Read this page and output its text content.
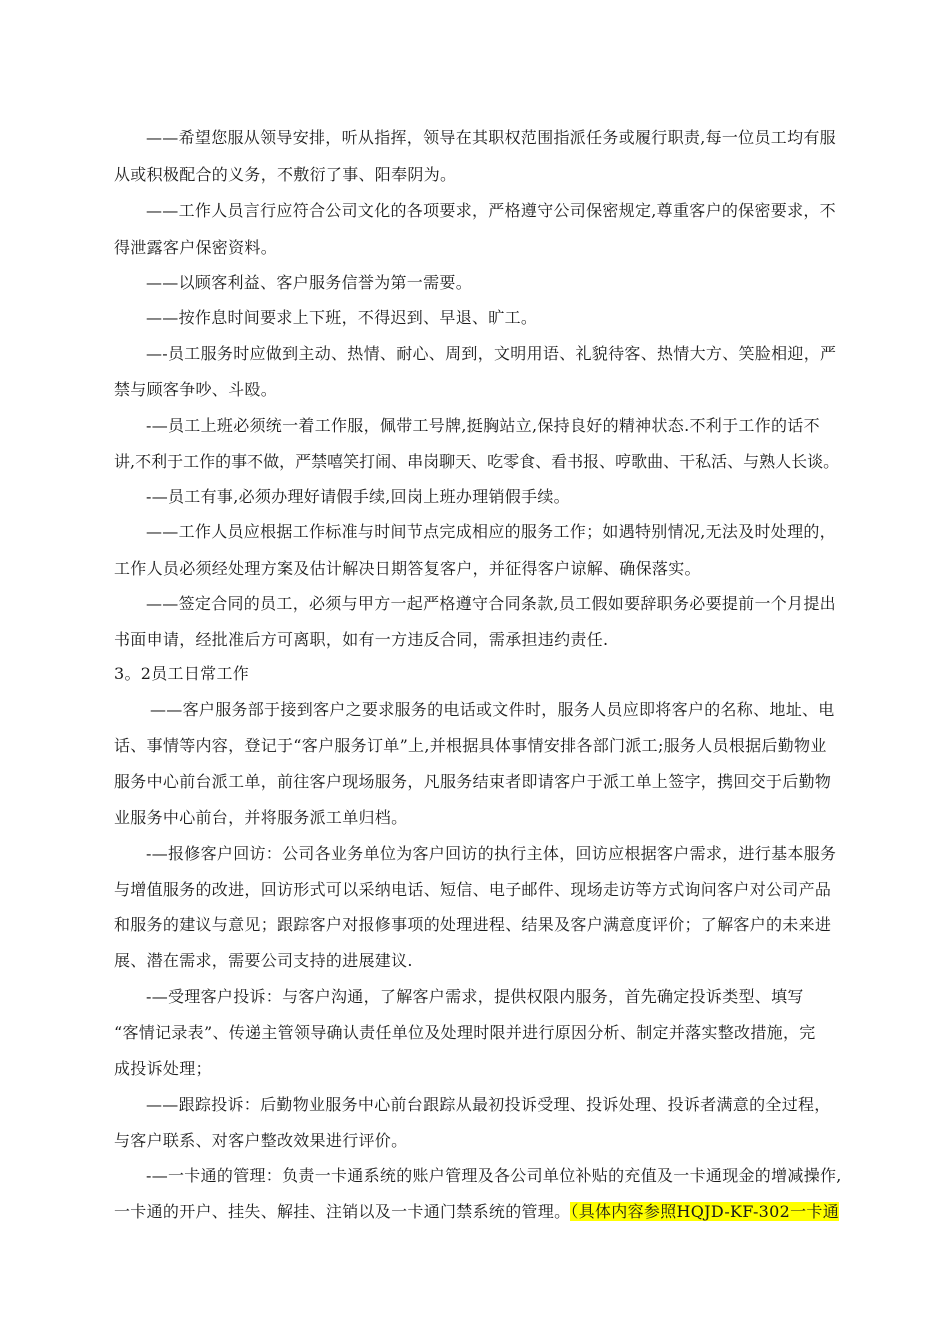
——希望您服从领导安排，听从指挥，领导在其职权范围指派任务或履行职责,每一位员工均有服
从或积极配合的义务，不敷衍了事、阳奉阴为。
——工作人员言行应符合公司文化的各项要求，严格遵守公司保密规定,尊重客户的保密要求，不
得泄露客户保密资料。
——以顾客利益、客户服务信誉为第一需要。
——按作息时间要求上下班，不得迟到、早退、旷工。
—-员工服务时应做到主动、热情、耐心、周到，文明用语、礼貌待客、热情大方、笑脸相迎，严
禁与顾客争吵、斗殴。
-—员工上班必须统一着工作服，佩带工号牌,挺胸站立,保持良好的精神状态.不利于工作的话不
讲,不利于工作的事不做，严禁嘻笑打闹、串岗聊天、吃零食、看书报、哼歌曲、干私活、与熟人长谈。
-—员工有事,必须办理好请假手续,回岗上班办理销假手续。
——工作人员应根据工作标准与时间节点完成相应的服务工作；如遇特别情况,无法及时处理的，
工作人员必须经处理方案及估计解决日期答复客户，并征得客户谅解、确保落实。
——签定合同的员工，必须与甲方一起严格遵守合同条款,员工假如要辞职务必要提前一个月提出
书面申请，经批准后方可离职，如有一方违反合同，需承担违约责任.
3。2员工日常工作
——客户服务部于接到客户之要求服务的电话或文件时，服务人员应即将客户的名称、地址、电
话、事情等内容，登记于“客户服务订单”上,并根据具体事情安排各部门派工;服务人员根据后勤物业
服务中心前台派工单，前往客户现场服务，凡服务结束者即请客户于派工单上签字，携回交于后勤物
业服务中心前台，并将服务派工单归档。
-—报修客户回访：公司各业务单位为客户回访的执行主体，回访应根据客户需求，进行基本服务
与增值服务的改进，回访形式可以采纳电话、短信、电子邮件、现场走访等方式询问客户对公司产品
和服务的建议与意见；跟踪客户对报修事项的处理进程、结果及客户满意度评价；了解客户的未来进
展、潜在需求，需要公司支持的进展建议.
-—受理客户投诉：与客户沟通，了解客户需求，提供权限内服务，首先确定投诉类型、填写
“客情记录表”、传递主管领导确认责任单位及处理时限并进行原因分析、制定并落实整改措施，完
成投诉处理；
——跟踪投诉：后勤物业服务中心前台跟踪从最初投诉受理、投诉处理、投诉者满意的全过程，
与客户联系、对客户整改效果进行评价。
-—一卡通的管理：负责一卡通系统的账户管理及各公司单位补贴的充值及一卡通现金的增减操作,
一卡通的开户、挂失、解挂、注销以及一卡通门禁系统的管理。（具体内容参照HQJD-KF-302一卡通
